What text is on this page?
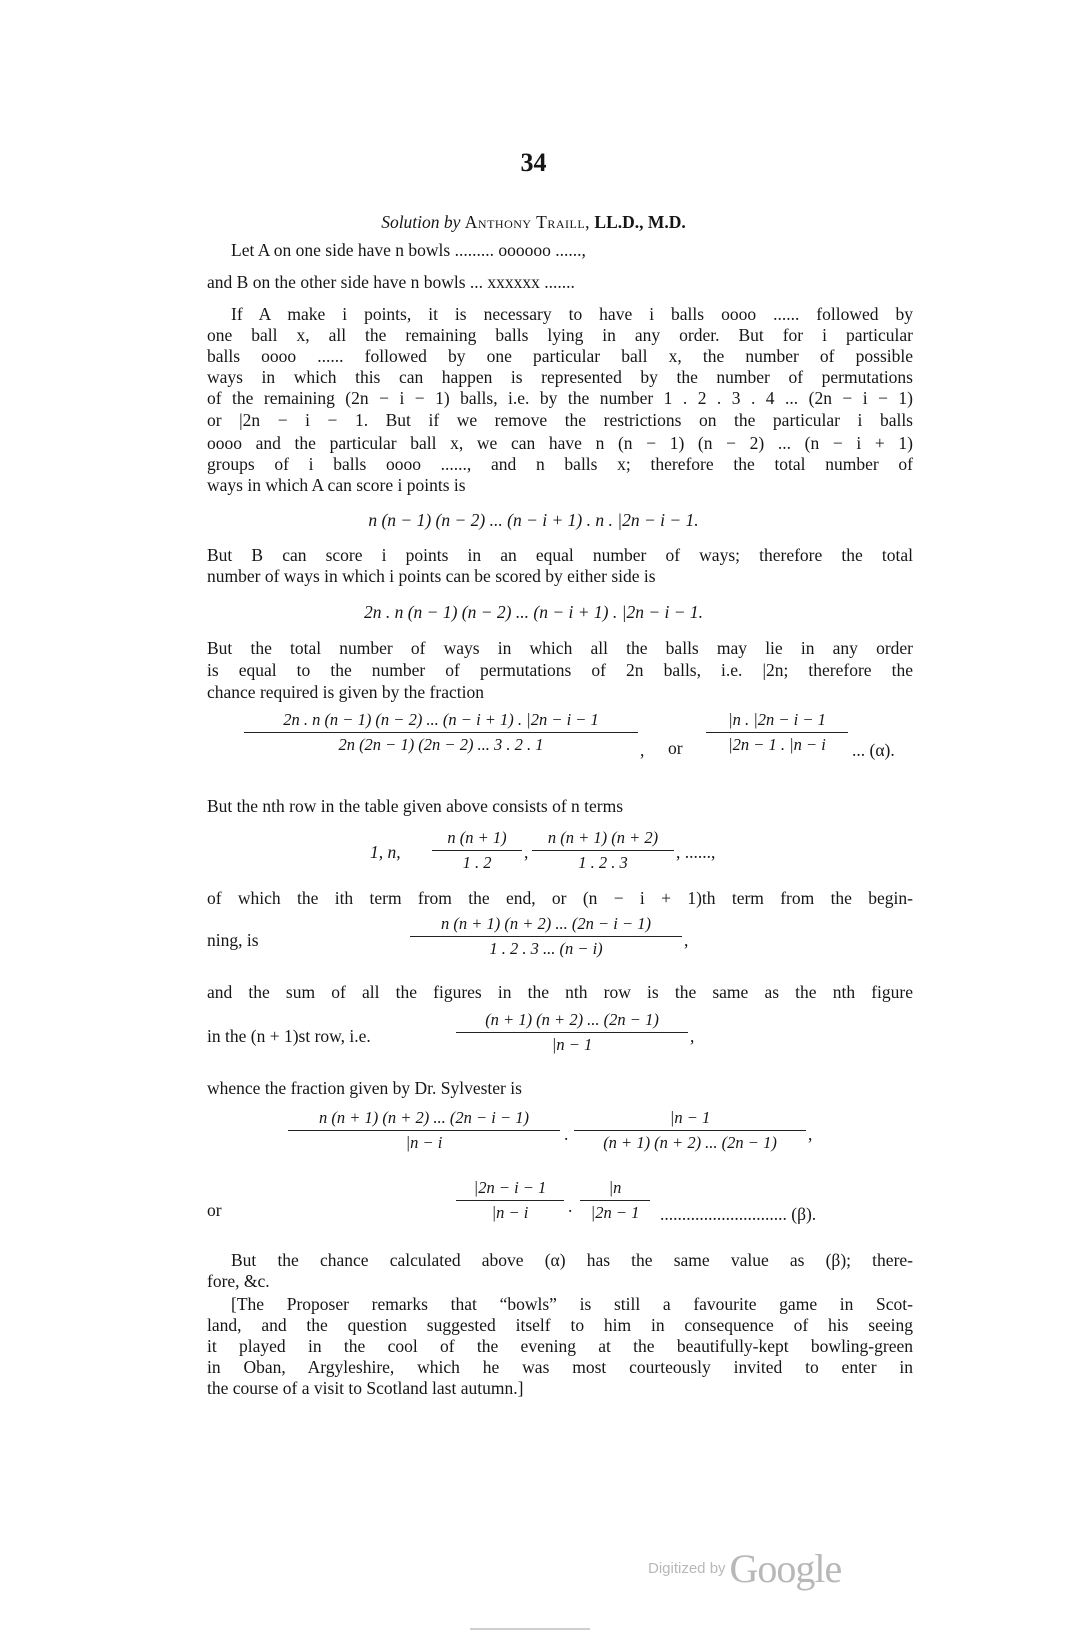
34
Solution by Anthony Traill, LL.D., M.D.
Let A on one side have n bowls ......... oooooo ......,
and B on the other side have n bowls ... xxxxxx .......
If A make i points, it is necessary to have i balls oooo ...... followed by
one ball x, all the remaining balls lying in any order. But for i particular
balls oooo ...... followed by one particular ball x, the number of possible
ways in which this can happen is represented by the number of permutations
of the remaining (2n − i − 1) balls, i.e. by the number 1 . 2 . 3 . 4 ... (2n − i − 1)
or |2n − i − 1. But if we remove the restrictions on the particular i balls
oooo and the particular ball x, we can have n (n − 1) (n − 2) ... (n − i + 1)
groups of i balls oooo ......, and n balls x; therefore the total number of
ways in which A can score i points is
n (n − 1) (n − 2) ... (n − i + 1) . n . |2n − i − 1.
But B can score i points in an equal number of ways; therefore the total
number of ways in which i points can be scored by either side is
2n . n (n − 1) (n − 2) ... (n − i + 1) . |2n − i − 1.
But the total number of ways in which all the balls may lie in any order
is equal to the number of permutations of 2n balls, i.e. |2n; therefore the
chance required is given by the fraction
2n . n (n − 1) (n − 2) ... (n − i + 1) . |2n − i − 1
2n (2n − 1) (2n − 2) ... 3 . 2 . 1	, or
|n . |2n − i − 1
|2n − 1 . |n − i	... (α).
But the nth row in the table given above consists of n terms
1, n,
n (n + 1)
1 . 2
,
n (n + 1) (n + 2)
1 . 2 . 3
, ......,
of which the ith term from the end, or (n − i + 1)th term from the begin-
ning, is
n (n + 1) (n + 2) ... (2n − i − 1)
1 . 2 . 3 ... (n − i)	,
and the sum of all the figures in the nth row is the same as the nth figure
in the (n + 1)st row, i.e.
(n + 1) (n + 2) ... (2n − 1)
|n − 1	,
whence the fraction given by Dr. Sylvester is
n (n + 1) (n + 2) ... (2n − i − 1)
|n − i	.
|n − 1
(n + 1) (n + 2) ... (2n − 1)	,
or
|2n − i − 1
|n − i	.
|n
|2n − 1	............................. (β).
But the chance calculated above (α) has the same value as (β); there-
fore, &c.
[The Proposer remarks that “bowls” is still a favourite game in Scot-
land, and the question suggested itself to him in consequence of his seeing
it played in the cool of the evening at the beautifully-kept bowling-green
in Oban, Argyleshire, which he was most courteously invited to enter in
the course of a visit to Scotland last autumn.]
Digitized by Google
